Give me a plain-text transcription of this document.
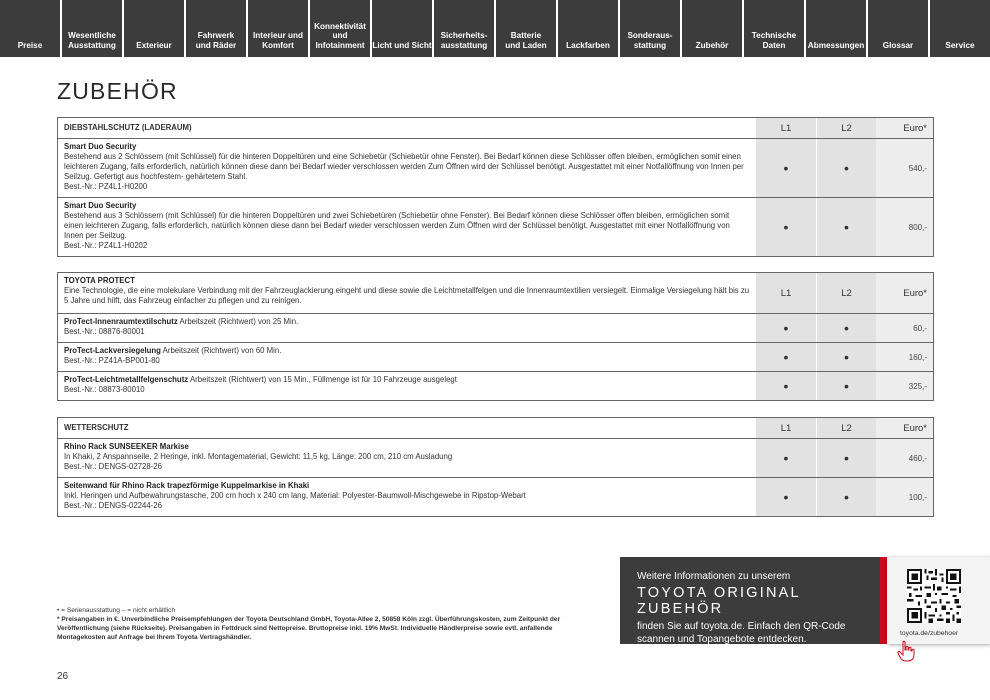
Preise
Wesentliche
Ausstattung	Exterieur
Fahrwerk
und Räder
Interieur und
Komfort
Konnektivität
und
Infotainment Licht und Sicht
Sicherheits-
ausstattung
Batterie
und Laden	Lackfarben
Sonderaus-
stattung	Zubehör
Technische
Daten	Abmessungen	Glossar	Service
ZUBEHÖR
DIEBSTAHLSCHUTZ (LADERAUM)	L1	L2	Euro*
Smart Duo Security
Bestehend aus 2 Schlössern (mit Schlüssel) für die hinteren Doppeltüren und eine Schiebetür (Schiebetür ohne Fenster). Bei Bedarf können diese Schlösser offen bleiben, ermöglichen somit einen leichteren Zugang, falls erforderlich, natürlich können diese dann bei Bedarf wieder verschlossen werden Zum Öffnen wird der Schlüssel benötigt. Ausgestattet mit einer Notfallöffnung von Innen per Seilzug. Gefertigt aus hochfestem- gehärtetem Stahl.
Best.-Nr.: PZ4L1-H0200
•	•	540,-
Smart Duo Security
Bestehend aus 3 Schlössern (mit Schlüssel) für die hinteren Doppeltüren und zwei Schiebetüren (Schiebetür ohne Fenster). Bei Bedarf können diese Schlösser offen bleiben, ermöglichen somit einen leichteren Zugang, falls erforderlich, natürlich können diese dann bei Bedarf wieder verschlossen werden Zum Öffnen wird der Schlüssel benötigt. Ausgestattet mit einer Notfallöffnung von Innen per Seilzug.
Best.-Nr.: PZ4L1-H0202
•	•	800,-
TOYOTA PROTECT
Eine Technologie, die eine molekulare Verbindung mit der Fahrzeuglackierung eingeht und diese sowie die Leichtmetallfelgen und die Innenraumtextilien versiegelt. Einmalige Versiegelung hält bis zu 5 Jahre und hilft, das Fahrzeug einfacher zu pflegen und zu reinigen.
L1	L2	Euro*
ProTect-Innenraumtextilschutz Arbeitszeit (Richtwert) von 25 Min.
Best.-Nr.: 08876-80001	•	•	60,-
ProTect-Lackversiegelung Arbeitszeit (Richtwert) von 60 Min.
Best.-Nr.: PZ41A-BP001-80	•	•	160,-
ProTect-Leichtmetallfelgenschutz Arbeitszeit (Richtwert) von 15 Min., Füllmenge ist für 10 Fahrzeuge ausgelegt
Best.-Nr.: 08873-80010	•	•	325,-
WETTERSCHUTZ	L1	L2	Euro*
Rhino Rack SUNSEEKER Markise
In Khaki, 2 Anspannseile, 2 Heringe, inkl. Montagematerial, Gewicht: 11,5 kg, Länge: 200 cm, 210 cm Ausladung
Best.-Nr.: DENGS-02728-26
•	•	460,-
Seitenwand für Rhino Rack trapezförmige Kuppelmarkise in Khaki
Inkl. Heringen und Aufbewahrungstasche, 200 cm hoch x 240 cm lang, Material: Polyester-Baumwoll-Mischgewebe in Ripstop-Webart
Best.-Nr.: DENGS-02244-26
•	•	100,-
• = Serienausstattung – = nicht erhältlich
* Preisangaben in €. Unverbindliche Preisempfehlungen der Toyota Deutschland GmbH, Toyota-Allee 2, 50858 Köln zzgl. Überführungskosten, zum Zeitpunkt der Veröffentlichung (siehe Rückseite). Preisangaben in Fettdruck sind Nettopreise. Bruttopreise inkl. 19% MwSt. Individuelle Händlerpreise sowie evtl. anfallende Montagekosten auf Anfrage bei Ihrem Toyota Vertragshändler.
26
Weitere Informationen zu unserem
TOYOTA ORIGINAL ZUBEHÖR
finden Sie auf toyota.de. Einfach den QR-Code scannen und Topangebote entdecken.
toyota.de/zubehoer
